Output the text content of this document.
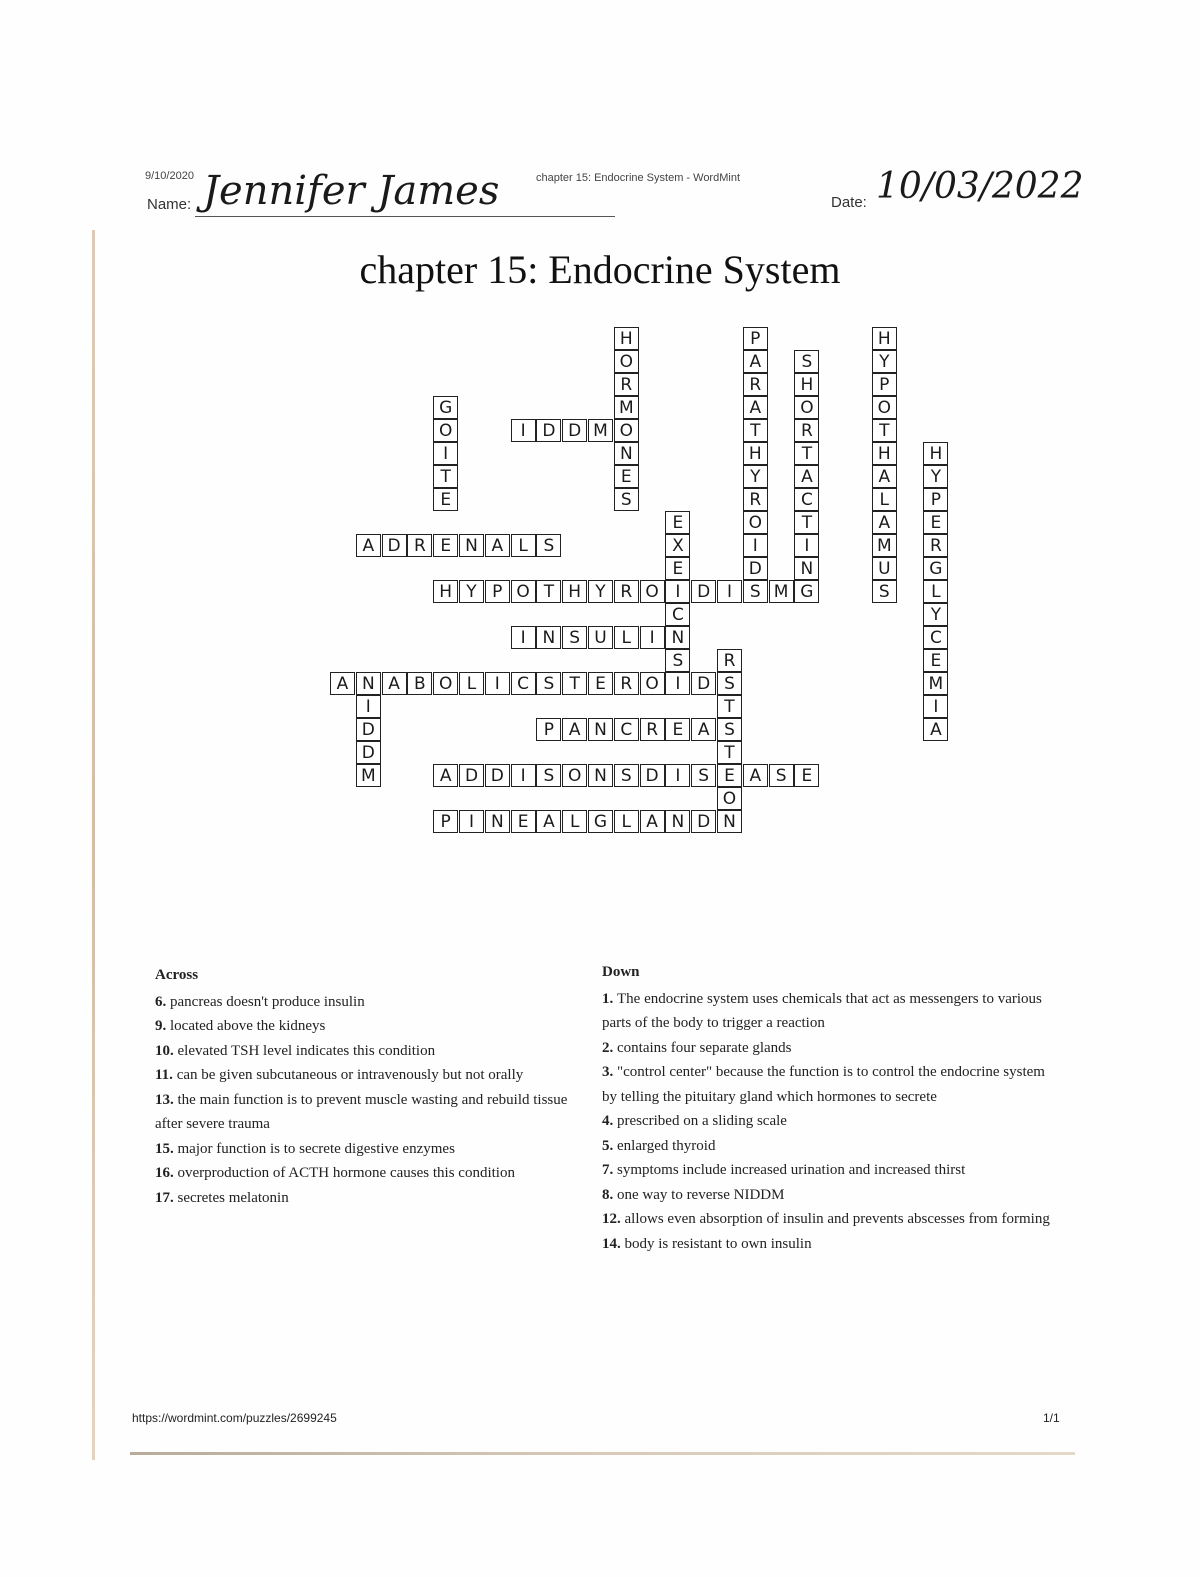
9/10/2020
Name: Jennifer James	chapter 15: Endocrine System - WordMint
Date: 10/03/2022
chapter 15: Endocrine System
H
O
R
M
O
N
E
S
P
A
R
A
T
H
Y
R
O
I
D
S
H
O
R
T
A
C
T
I
N
G
H
Y
P
O
T
H
A
L
A
M
U
S
G
O
I
T
E
I D D M
H
Y
P
E
R
G
L
Y
C
E
M
I
A
E
X
E
I
C
N
S
I
A D R E N A L S
H Y P O T H Y R O	D I	S M
I N S U L	I
R
S
T
S
T
E
O
N
A N A B O L	I	C S T E R O	D
I
D
D
M
P A N C R E A
A D D I	S O N S D I	S	A S E
P	I N E A L G L A N D
Across

6. pancreas doesn't produce insulin

9. located above the kidneys

10. elevated TSH level indicates this condition

11. can be given subcutaneous or intravenously but not orally

13. the main function is to prevent muscle wasting and rebuild tissue after severe trauma

15. major function is to secrete digestive enzymes

16. overproduction of ACTH hormone causes this condition

17. secretes melatonin

Down

1. The endocrine system uses chemicals that act as messengers to various parts of the body to trigger a reaction

2. contains four separate glands

3. "control center" because the function is to control the endocrine system by telling the pituitary gland which hormones to secrete

4. prescribed on a sliding scale

5. enlarged thyroid

7. symptoms include increased urination and increased thirst

8. one way to reverse NIDDM

12. allows even absorption of insulin and prevents abscesses from forming

14. body is resistant to own insulin

https://wordmint.com/puzzles/2699245	1/1
